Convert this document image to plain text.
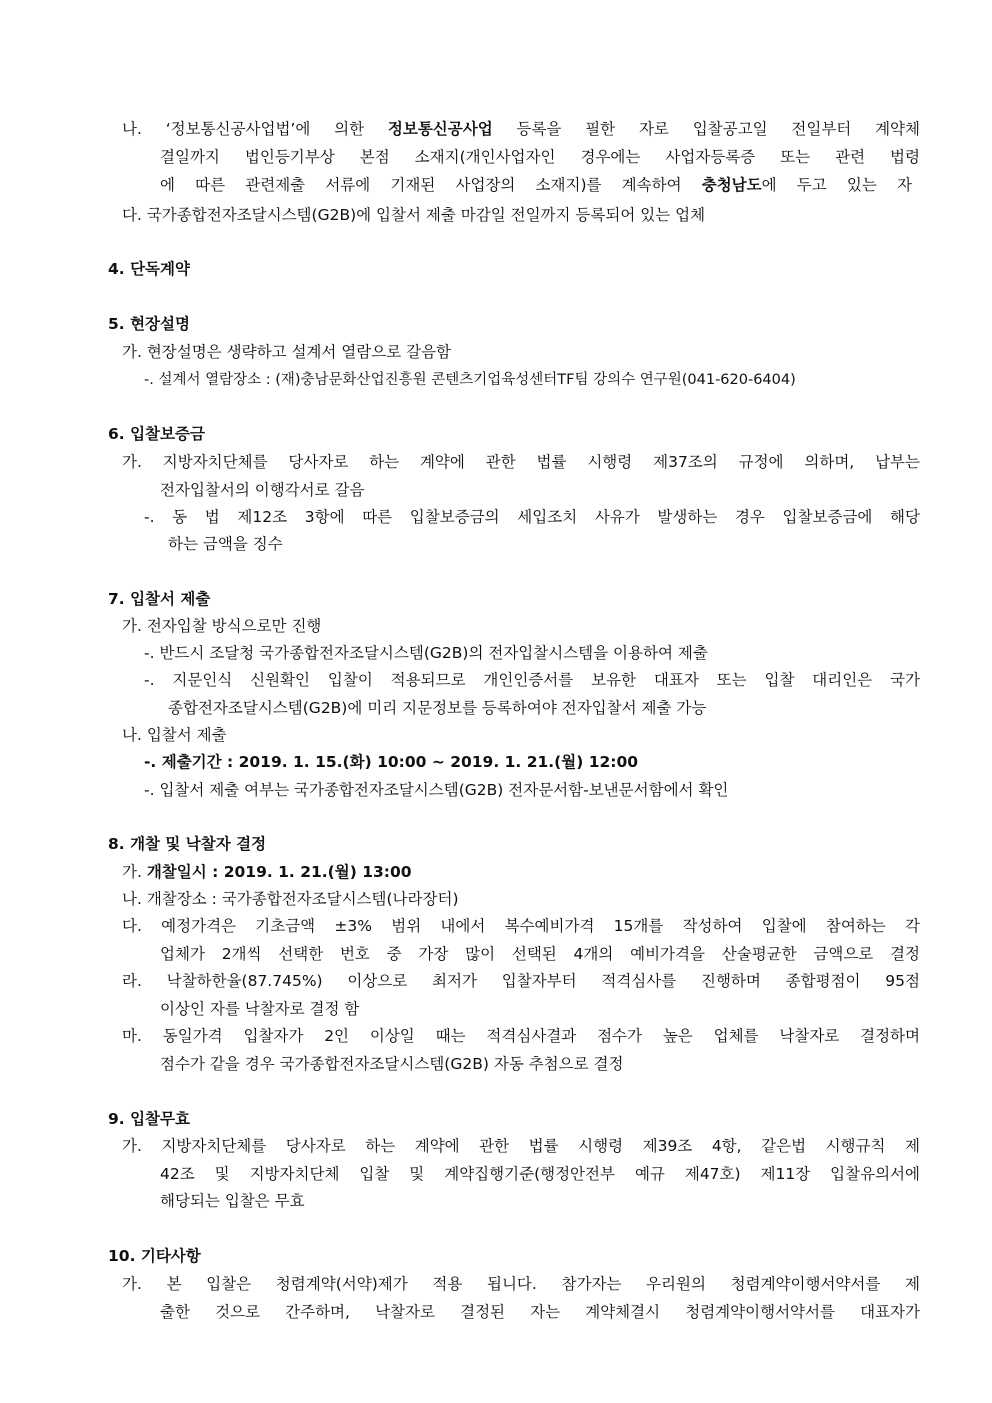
나. ‘정보통신공사업법’에 의한 정보통신공사업 등록을 필한 자로 입찰공고일 전일부터 계약체
결일까지 법인등기부상 본점 소재지(개인사업자인 경우에는 사업자등록증 또는 관련 법령
에 따른 관련제출 서류에 기재된 사업장의 소재지)를 계속하여 충청남도에 두고 있는 자
다. 국가종합전자조달시스템(G2B)에 입찰서 제출 마감일 전일까지 등록되어 있는 업체
4. 단독계약
5. 현장설명
가. 현장설명은 생략하고 설계서 열람으로 갈음함
-. 설계서 열람장소 : (재)충남문화산업진흥원 콘텐츠기업육성센터TF팀 강의수 연구원(041-620-6404)
6. 입찰보증금
가. 지방자치단체를 당사자로 하는 계약에 관한 법률 시행령 제37조의 규정에 의하며, 납부는
전자입찰서의 이행각서로 갈음
-. 동 법 제12조 3항에 따른 입찰보증금의 세입조치 사유가 발생하는 경우 입찰보증금에 해당
하는 금액을 징수
7. 입찰서 제출
가. 전자입찰 방식으로만 진행
-. 반드시 조달청 국가종합전자조달시스템(G2B)의 전자입찰시스템을 이용하여 제출
-. 지문인식 신원확인 입찰이 적용되므로 개인인증서를 보유한 대표자 또는 입찰 대리인은 국가
종합전자조달시스템(G2B)에 미리 지문정보를 등록하여야 전자입찰서 제출 가능
나. 입찰서 제출
-. 제출기간 : 2019. 1. 15.(화) 10:00 ~ 2019. 1. 21.(월) 12:00
-. 입찰서 제출 여부는 국가종합전자조달시스템(G2B) 전자문서함-보낸문서함에서 확인
8. 개찰 및 낙찰자 결정
가. 개찰일시 : 2019. 1. 21.(월) 13:00
나. 개찰장소 : 국가종합전자조달시스템(나라장터)
다. 예정가격은 기초금액 ±3% 범위 내에서 복수예비가격 15개를 작성하여 입찰에 참여하는 각
업체가 2개씩 선택한 번호 중 가장 많이 선택된 4개의 예비가격을 산술평균한 금액으로 결정
라. 낙찰하한율(87.745%) 이상으로 최저가 입찰자부터 적격심사를 진행하며 종합평점이 95점
이상인 자를 낙찰자로 결정 함
마. 동일가격 입찰자가 2인 이상일 때는 적격심사결과 점수가 높은 업체를 낙찰자로 결정하며
점수가 같을 경우 국가종합전자조달시스템(G2B) 자동 추첨으로 결정
9. 입찰무효
가. 지방자치단체를 당사자로 하는 계약에 관한 법률 시행령 제39조 4항, 같은법 시행규칙 제
42조 및 지방자치단체 입찰 및 계약집행기준(행정안전부 예규 제47호) 제11장 입찰유의서에
해당되는 입찰은 무효
10. 기타사항
가. 본 입찰은 청렴계약(서약)제가 적용 됩니다. 참가자는 우리원의 청렴계약이행서약서를 제
출한 것으로 간주하며, 낙찰자로 결정된 자는 계약체결시 청렴계약이행서약서를 대표자가
